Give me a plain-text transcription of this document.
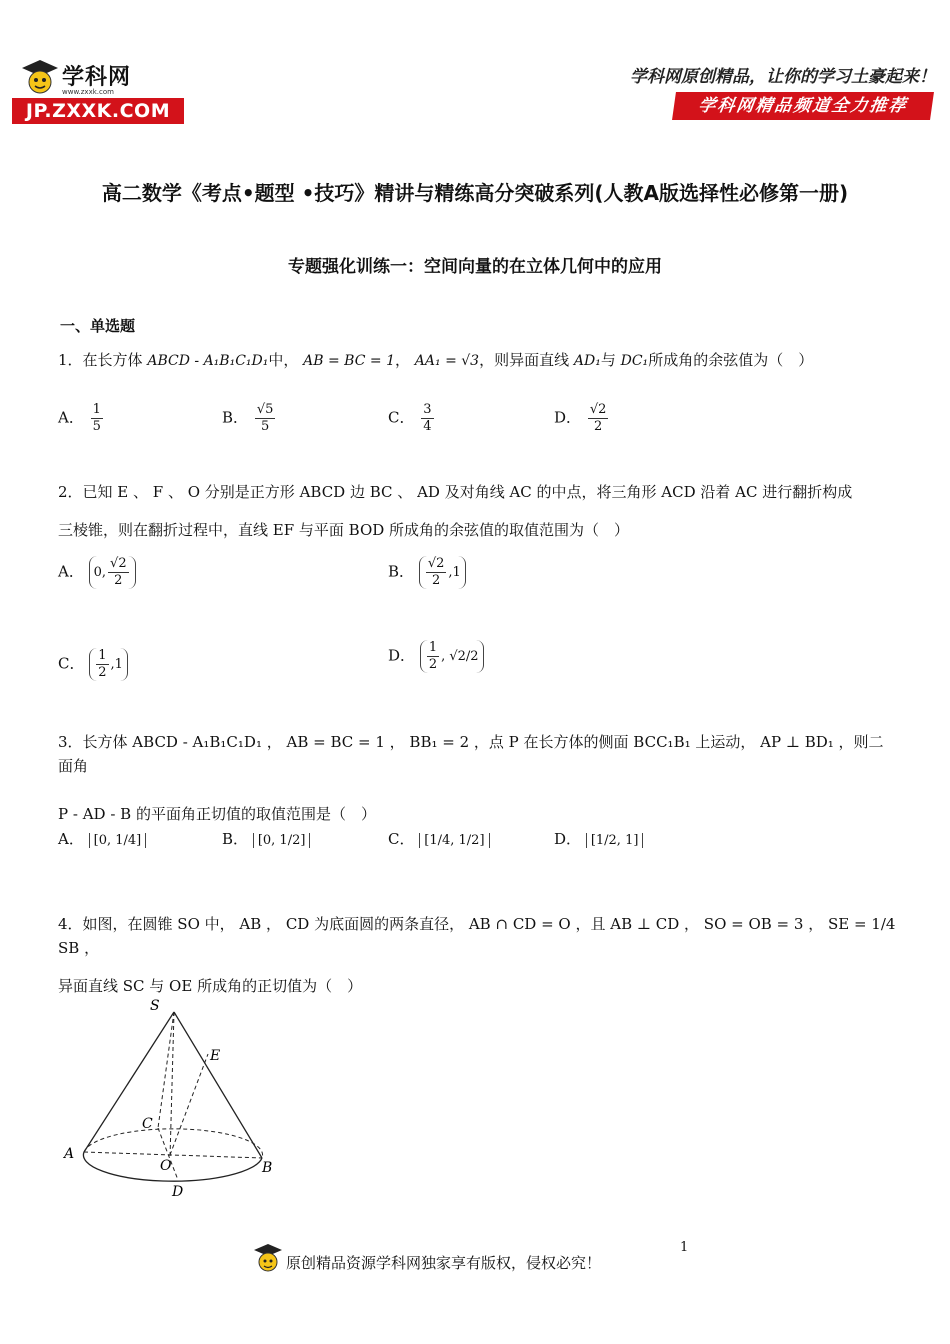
学科网
www.zxxk.com
JP.ZXXK.COM
学科网原创精品，让你的学习土豪起来！
学科网精品频道全力推荐
高二数学《考点•题型 •技巧》精讲与精练高分突破系列(人教A版选择性必修第一册)
专题强化训练一：空间向量的在立体几何中的应用
一、单选题
1．在长方体 ABCD - A₁B₁C₁D₁中， AB = BC = 1， AA₁ = √3，则异面直线 AD₁与 DC₁所成角的余弦值为（　）
A． $\frac{1}{5}$	B． $\frac{√5}{5}$	C． $\frac{3}{4}$	D． $\frac{√2}{2}$
2．已知 E 、 F 、 O 分别是正方形 ABCD 边 BC 、 AD 及对角线 AC 的中点，将三角形 ACD 沿着 AC 进行翻折构成
三棱锥，则在翻折过程中，直线 EF 与平面 BOD 所成角的余弦值的取值范围为（　）
A． 0, $\frac{√2}{2}$	B． $\frac{√2}{2} ,1$
C． $\frac{1}{2} ,1$	D． $\frac{1}{2}$ , √2/2
3．长方体 ABCD - A₁B₁C₁D₁ ， AB = BC = 1 ， BB₁ = 2 ，点 P 在长方体的侧面 BCC₁B₁ 上运动， AP ⊥ BD₁ ，则二面角
P - AD - B 的平面角正切值的取值范围是（　）
A． [0, 1/4]	B． [0, 1/2]	C． [1/4, 1/2]	D． [1/2, 1]
4．如图，在圆锥 SO 中， AB ， CD 为底面圆的两条直径， AB ∩ CD = O ，且 AB ⊥ CD ， SO = OB = 3 ， SE = 1/4 SB ，
异面直线 SC 与 OE 所成角的正切值为（　）
S
E
C
A
O	B
D
原创精品资源学科网独家享有版权，侵权必究！
1
